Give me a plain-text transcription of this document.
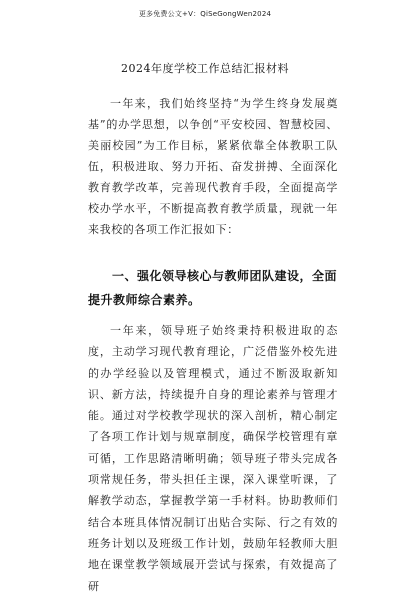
更多免费公文+V：QiSeGongWen2024
2024年度学校工作总结汇报材料
一年来，我们始终坚持“为学生终身发展奠基”的办学思想，以争创“平安校园、智慧校园、美丽校园”为工作目标，紧紧依靠全体教职工队伍，积极进取、努力开拓、奋发拼搏、全面深化教育教学改革，完善现代教育手段，全面提高学校办学水平，不断提高教育教学质量，现就一年来我校的各项工作汇报如下：
一、强化领导核心与教师团队建设，全面提升教师综合素养。
一年来，领导班子始终秉持积极进取的态度，主动学习现代教育理论，广泛借鉴外校先进的办学经验以及管理模式，通过不断汲取新知识、新方法，持续提升自身的理论素养与管理才能。通过对学校教学现状的深入剖析，精心制定了各项工作计划与规章制度，确保学校管理有章可循，工作思路清晰明确；领导班子带头完成各项常规任务，带头担任主课，深入课堂听课，了解教学动态，掌握教学第一手材料。协助教师们结合本班具体情况制订出贴合实际、行之有效的班务计划以及班级工作计划，鼓励年轻教师大胆地在课堂教学领域展开尝试与探索，有效提高了研
